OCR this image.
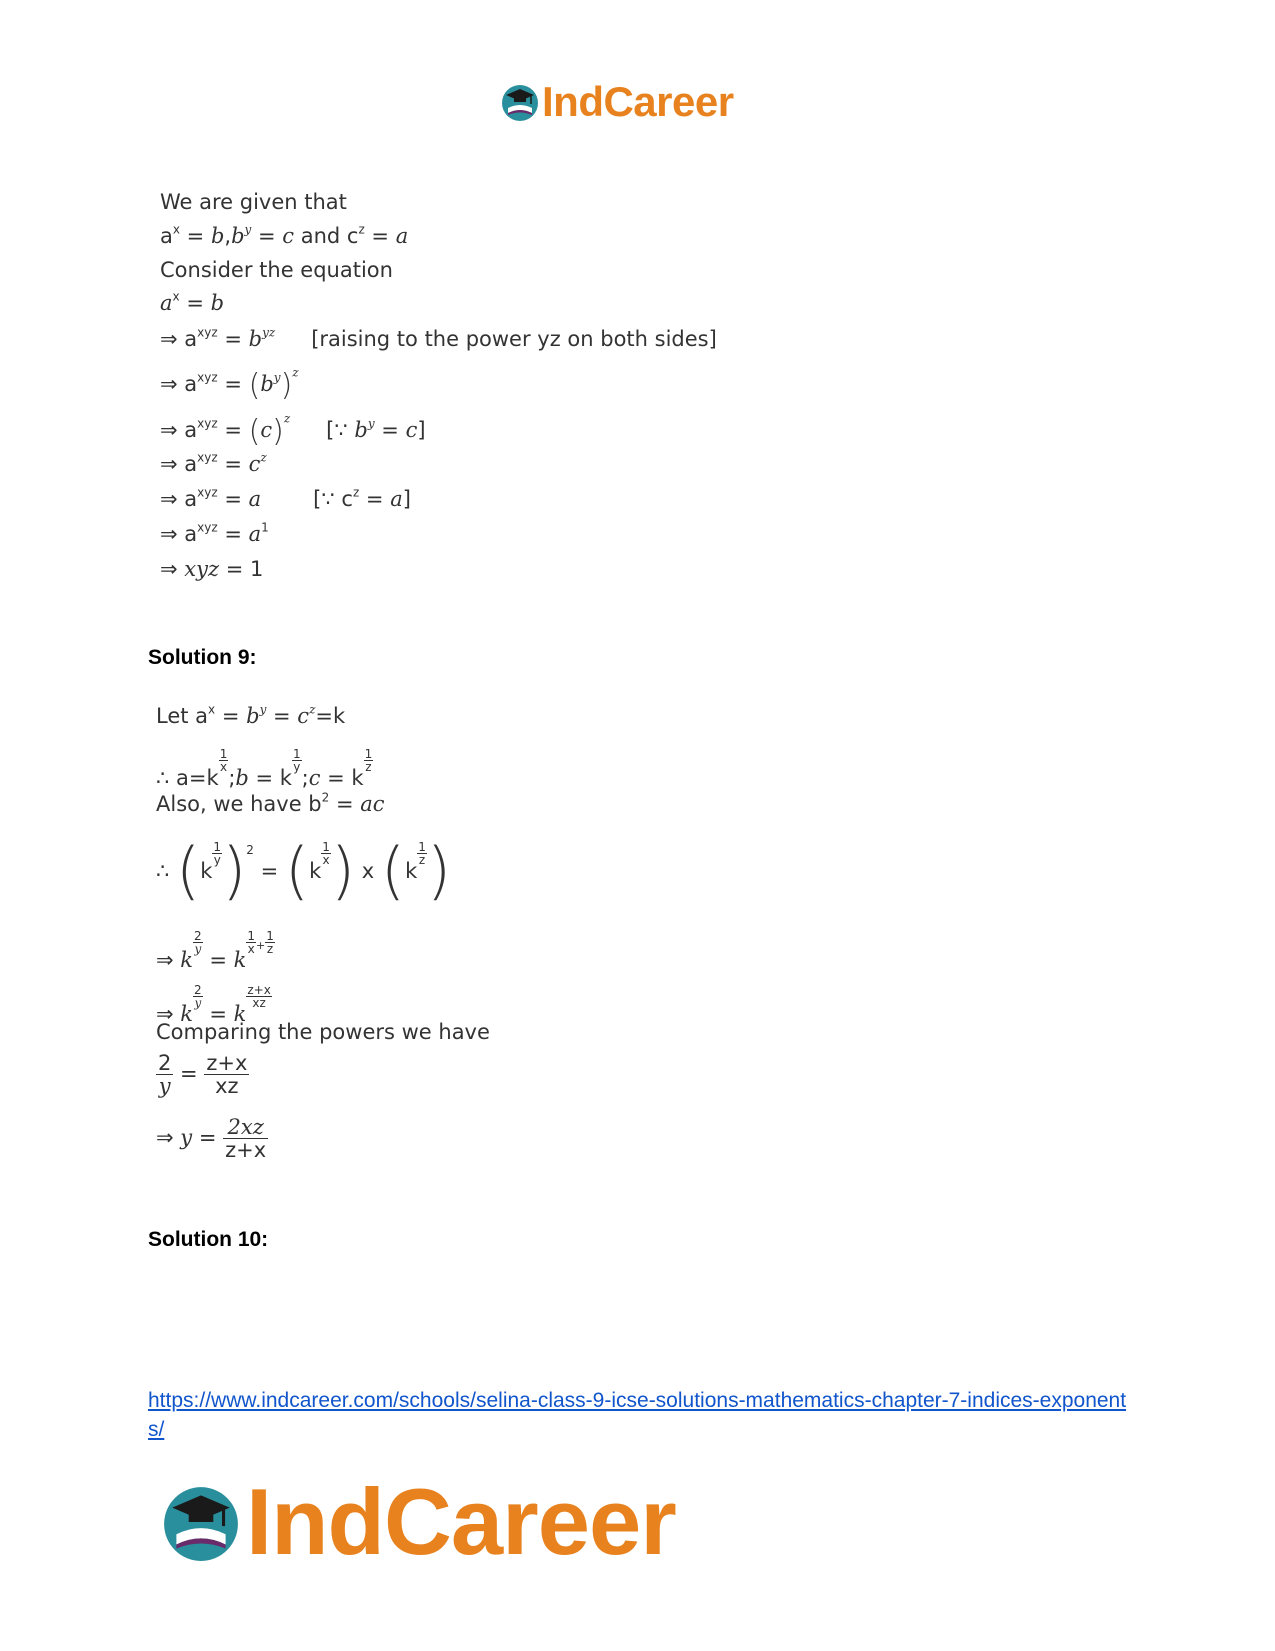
IndCareer
We are given that
$a^x = b,b^y = c$ and $c^z = a$
Consider the equation
$a^x = b$
⇒ $a^{xyz} = b^{yz}$ [raising to the power yz on both sides]
⇒ $a^{xyz} = (b^y)^z$
⇒ $a^{xyz} = (c)^z$ [∵ $b^y = c$]
⇒ $a^{xyz} = c^z$
⇒ $a^{xyz} = a$ [∵ $c^z = a$]
⇒ $a^{xyz} = a^1$
⇒ xyz = 1
Solution 9:
Let $a^x = b^y = c^z=k$
∴ a=k
$\frac{1}{x}$
;b = k
$\frac{1}{y}$
;c = k
$\frac{1}{z}$
Also, we have $b^2$ = ac
∴ (k
$\frac{1}{y} )^2 = (k$
$\frac{1}{x}$ ) x (k
$\frac{1}{z}$ )
⇒ k
$\frac{2}{y}$
= k
$\frac{1}{x} ^+ \frac{1}{z}$
⇒ k
$\frac{2}{y}$
= k
$\frac{z+x}{xz}$
Comparing the powers we have
$\frac{2}{y} = \frac{z+x}{xz}$
⇒ $y = \frac{2xz}{z+x}$
Solution 10:
https://www.indcareer.com/schools/selina-class-9-icse-solutions-mathematics-chapter-7-indices-exponents/
IndCareer
